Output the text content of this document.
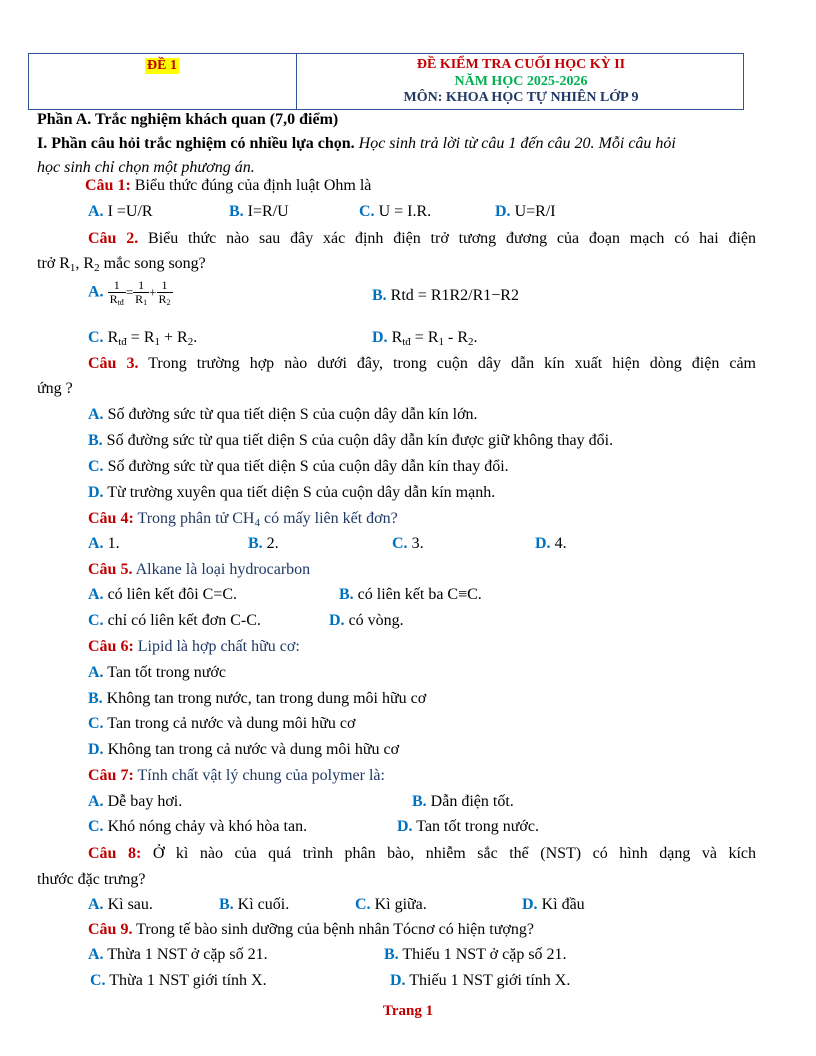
ĐỀ 1	ĐỀ KIỂM TRA CUỐI HỌC KỲ II
NĂM HỌC 2025-2026
MÔN: KHOA HỌC TỰ NHIÊN LỚP 9
Phần A. Trắc nghiệm khách quan (7,0 điểm)
I. Phần câu hỏi trắc nghiệm có nhiều lựa chọn. Học sinh trả lời từ câu 1 đến câu 20. Mỗi câu hỏi
học sinh chỉ chọn một phương án.
Câu 1: Biểu thức đúng của định luật Ohm là
A. I =U/R	B. I=R/U	C. U = I.R.	D. U=R/I
Câu 2. Biểu thức nào sau đây xác định điện trở tương đương của đoạn mạch có hai điện
trở $R_1$, $R_2$ mắc song song?
A. $\frac{1}{R_{tđ}} = \frac{1}{R_1} + \frac{1}{R_2}$	B. Rtd = R1R2/R1−R2
C. $R_{tđ} = R_1 + R_2$.	D. $R_{tđ} = R_1 - R_2$.
Câu 3. Trong trường hợp nào dưới đây, trong cuộn dây dẫn kín xuất hiện dòng điện cảm
ứng ?
A. Số đường sức từ qua tiết diện S của cuộn dây dẫn kín lớn.
B. Số đường sức từ qua tiết diện S của cuộn dây dẫn kín được giữ không thay đổi.
C. Số đường sức từ qua tiết diện S của cuộn dây dẫn kín thay đổi.
D. Từ trường xuyên qua tiết diện S của cuộn dây dẫn kín mạnh.
Câu 4: Trong phân tử $CH_4$ có mấy liên kết đơn?
A. 1.	B. 2.	C. 3.	D. 4.
Câu 5. Alkane là loại hydrocarbon
A. có liên kết đôi C=C.	B. có liên kết ba C≡C.
C. chỉ có liên kết đơn C-C.	D. có vòng.
Câu 6: Lipid là hợp chất hữu cơ:
A. Tan tốt trong nước
B. Không tan trong nước, tan trong dung môi hữu cơ
C. Tan trong cả nước và dung môi hữu cơ
D. Không tan trong cả nước và dung môi hữu cơ
Câu 7: Tính chất vật lý chung của polymer là:
A. Dễ bay hơi.	B. Dẫn điện tốt.
C. Khó nóng chảy và khó hòa tan.	D. Tan tốt trong nước.
Câu 8: Ở kì nào của quá trình phân bào, nhiễm sắc thể (NST) có hình dạng và kích
thước đặc trưng?
A. Kì sau.	B. Kì cuối.	C. Kì giữa.	D. Kì đầu
Câu 9. Trong tế bào sinh dưỡng của bệnh nhân Tócnơ có hiện tượng?
A. Thừa 1 NST ở cặp số 21.	B. Thiếu 1 NST ở cặp số 21.
C. Thừa 1 NST giới tính X.	D. Thiếu 1 NST giới tính X.
Trang 1
